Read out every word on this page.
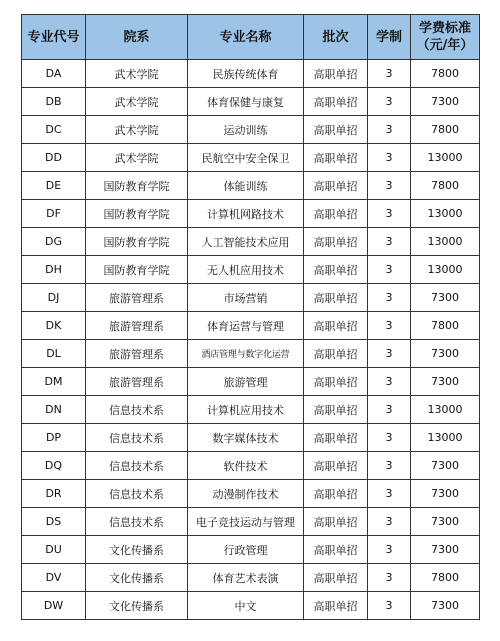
专业代号	院系	专业名称	批次	学制	学费标准（元/年）
DA	武术学院	民族传统体育	高职单招	3	7800
DB	武术学院	体育保健与康复	高职单招	3	7300
DC	武术学院	运动训练	高职单招	3	7800
DD	武术学院	民航空中安全保卫	高职单招	3	13000
DE	国防教育学院	体能训练	高职单招	3	7800
DF	国防教育学院	计算机网路技术	高职单招	3	13000
DG	国防教育学院	人工智能技术应用	高职单招	3	13000
DH	国防教育学院	无人机应用技术	高职单招	3	13000
DJ	旅游管理系	市场营销	高职单招	3	7300
DK	旅游管理系	体育运营与管理	高职单招	3	7800
DL	旅游管理系	酒店管理与数字化运营	高职单招	3	7300
DM	旅游管理系	旅游管理	高职单招	3	7300
DN	信息技术系	计算机应用技术	高职单招	3	13000
DP	信息技术系	数字媒体技术	高职单招	3	13000
DQ	信息技术系	软件技术	高职单招	3	7300
DR	信息技术系	动漫制作技术	高职单招	3	7300
DS	信息技术系	电子竞技运动与管理	高职单招	3	7300
DU	文化传播系	行政管理	高职单招	3	7300
DV	文化传播系	体育艺术表演	高职单招	3	7800
DW	文化传播系	中文	高职单招	3	7300
